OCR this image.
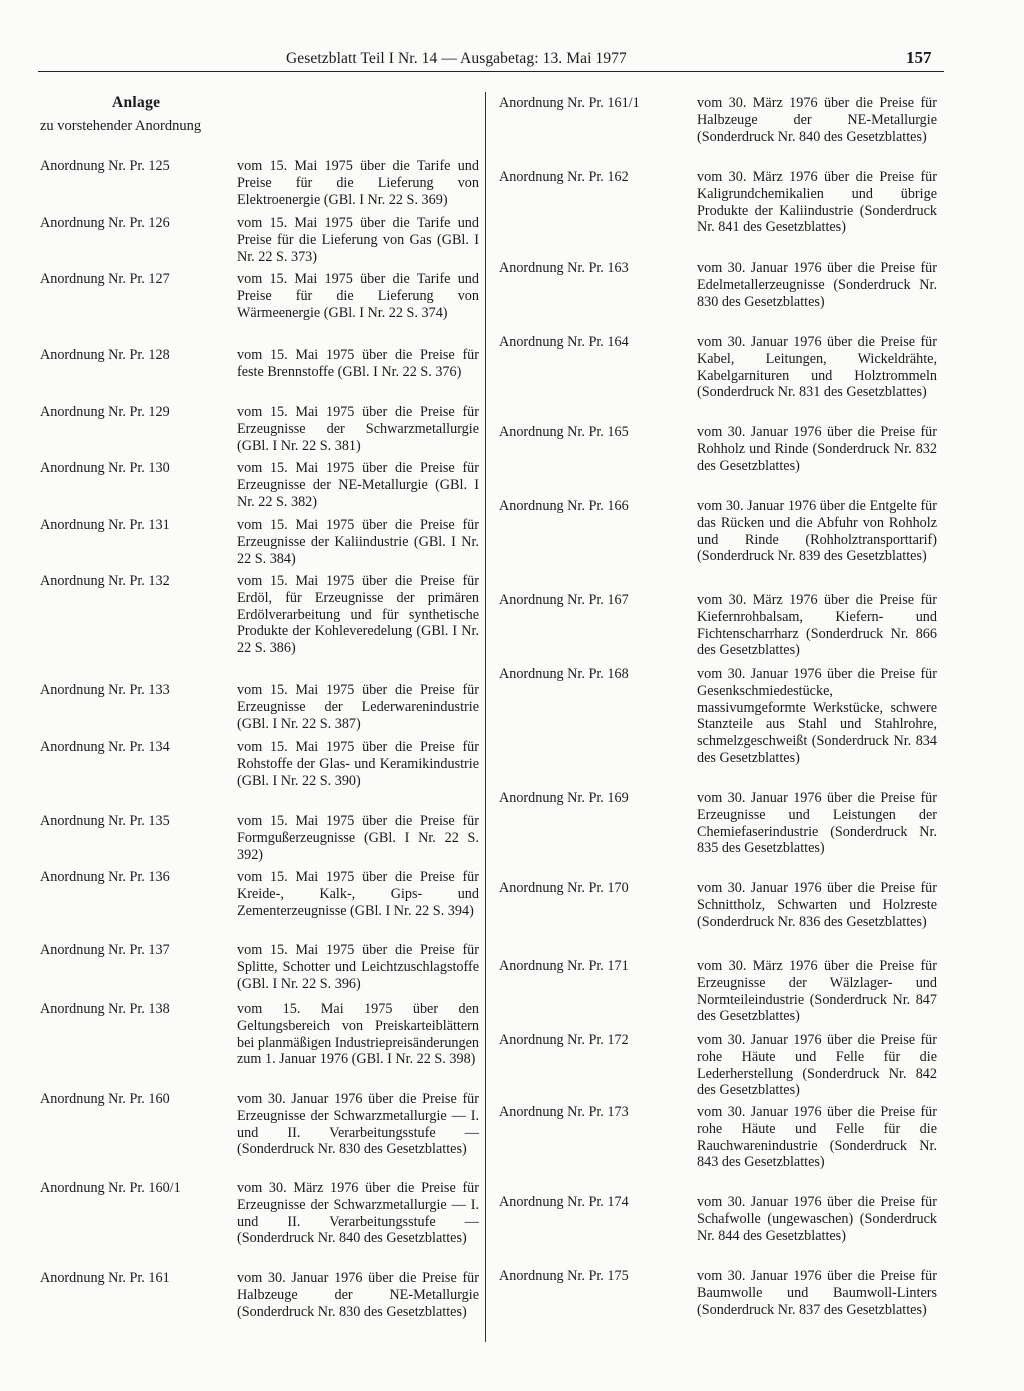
Gesetzblatt Teil I Nr. 14 — Ausgabetag: 13. Mai 1977	157
Anlage
zu vorstehender Anordnung
Anordnung Nr. Pr. 125	vom 15. Mai 1975 über die Tarife und Preise für die Lieferung von Elektroenergie (GBl. I Nr. 22 S. 369)

Anordnung Nr. Pr. 126	vom 15. Mai 1975 über die Tarife und Preise für die Lieferung von Gas (GBl. I Nr. 22 S. 373)

Anordnung Nr. Pr. 127	vom 15. Mai 1975 über die Tarife und Preise für die Lieferung von Wärmeenergie (GBl. I Nr. 22 S. 374)

Anordnung Nr. Pr. 128	vom 15. Mai 1975 über die Preise für feste Brennstoffe (GBl. I Nr. 22 S. 376)

Anordnung Nr. Pr. 129	vom 15. Mai 1975 über die Preise für Erzeugnisse der Schwarzmetallurgie (GBl. I Nr. 22 S. 381)

Anordnung Nr. Pr. 130	vom 15. Mai 1975 über die Preise für Erzeugnisse der NE-Metallurgie (GBl. I Nr. 22 S. 382)

Anordnung Nr. Pr. 131	vom 15. Mai 1975 über die Preise für Erzeugnisse der Kaliindustrie (GBl. I Nr. 22 S. 384)

Anordnung Nr. Pr. 132	vom 15. Mai 1975 über die Preise für Erdöl, für Erzeugnisse der primären Erdölverarbeitung und für synthetische Produkte der Kohleveredelung (GBl. I Nr. 22 S. 386)

Anordnung Nr. Pr. 133	vom 15. Mai 1975 über die Preise für Erzeugnisse der Lederwarenindustrie (GBl. I Nr. 22 S. 387)

Anordnung Nr. Pr. 134	vom 15. Mai 1975 über die Preise für Rohstoffe der Glas- und Keramikindustrie (GBl. I Nr. 22 S. 390)

Anordnung Nr. Pr. 135	vom 15. Mai 1975 über die Preise für Formgußerzeugnisse (GBl. I Nr. 22 S. 392)

Anordnung Nr. Pr. 136	vom 15. Mai 1975 über die Preise für Kreide-, Kalk-, Gips- und Zementerzeugnisse (GBl. I Nr. 22 S. 394)

Anordnung Nr. Pr. 137	vom 15. Mai 1975 über die Preise für Splitte, Schotter und Leichtzuschlagstoffe (GBl. I Nr. 22 S. 396)

Anordnung Nr. Pr. 138	vom 15. Mai 1975 über den Geltungsbereich von Preiskarteiblättern bei planmäßigen Industriepreisänderungen zum 1. Januar 1976 (GBl. I Nr. 22 S. 398)

Anordnung Nr. Pr. 160	vom 30. Januar 1976 über die Preise für Erzeugnisse der Schwarzmetallurgie — I. und II. Verarbeitungsstufe — (Sonderdruck Nr. 830 des Gesetzblattes)

Anordnung Nr. Pr. 160/1	vom 30. März 1976 über die Preise für Erzeugnisse der Schwarzmetallurgie — I. und II. Verarbeitungsstufe — (Sonderdruck Nr. 840 des Gesetzblattes)

Anordnung Nr. Pr. 161	vom 30. Januar 1976 über die Preise für Halbzeuge der NE-Metallurgie (Sonderdruck Nr. 830 des Gesetzblattes)

Anordnung Nr. Pr. 161/1	vom 30. März 1976 über die Preise für Halbzeuge der NE-Metallurgie (Sonderdruck Nr. 840 des Gesetzblattes)

Anordnung Nr. Pr. 162	vom 30. März 1976 über die Preise für Kaligrundchemikalien und übrige Produkte der Kaliindustrie (Sonderdruck Nr. 841 des Gesetzblattes)

Anordnung Nr. Pr. 163	vom 30. Januar 1976 über die Preise für Edelmetallerzeugnisse (Sonderdruck Nr. 830 des Gesetzblattes)

Anordnung Nr. Pr. 164	vom 30. Januar 1976 über die Preise für Kabel, Leitungen, Wickeldrähte, Kabelgarnituren und Holztrommeln (Sonderdruck Nr. 831 des Gesetzblattes)

Anordnung Nr. Pr. 165	vom 30. Januar 1976 über die Preise für Rohholz und Rinde (Sonderdruck Nr. 832 des Gesetzblattes)

Anordnung Nr. Pr. 166	vom 30. Januar 1976 über die Entgelte für das Rücken und die Abfuhr von Rohholz und Rinde (Rohholztransporttarif) (Sonderdruck Nr. 839 des Gesetzblattes)

Anordnung Nr. Pr. 167	vom 30. März 1976 über die Preise für Kiefernrohbalsam, Kiefern- und Fichtenscharrharz (Sonderdruck Nr. 866 des Gesetzblattes)

Anordnung Nr. Pr. 168	vom 30. Januar 1976 über die Preise für Gesenkschmiedestücke, massivumgeformte Werkstücke, schwere Stanzteile aus Stahl und Stahlrohre, schmelzgeschweißt (Sonderdruck Nr. 834 des Gesetzblattes)

Anordnung Nr. Pr. 169	vom 30. Januar 1976 über die Preise für Erzeugnisse und Leistungen der Chemiefaserindustrie (Sonderdruck Nr. 835 des Gesetzblattes)

Anordnung Nr. Pr. 170	vom 30. Januar 1976 über die Preise für Schnittholz, Schwarten und Holzreste (Sonderdruck Nr. 836 des Gesetzblattes)

Anordnung Nr. Pr. 171	vom 30. März 1976 über die Preise für Erzeugnisse der Wälzlager- und Normteileindustrie (Sonderdruck Nr. 847 des Gesetzblattes)

Anordnung Nr. Pr. 172	vom 30. Januar 1976 über die Preise für rohe Häute und Felle für die Lederherstellung (Sonderdruck Nr. 842 des Gesetzblattes)

Anordnung Nr. Pr. 173	vom 30. Januar 1976 über die Preise für rohe Häute und Felle für die Rauchwarenindustrie (Sonderdruck Nr. 843 des Gesetzblattes)

Anordnung Nr. Pr. 174	vom 30. Januar 1976 über die Preise für Schafwolle (ungewaschen) (Sonderdruck Nr. 844 des Gesetzblattes)

Anordnung Nr. Pr. 175	vom 30. Januar 1976 über die Preise für Baumwolle und Baumwoll-Linters (Sonderdruck Nr. 837 des Gesetzblattes)
